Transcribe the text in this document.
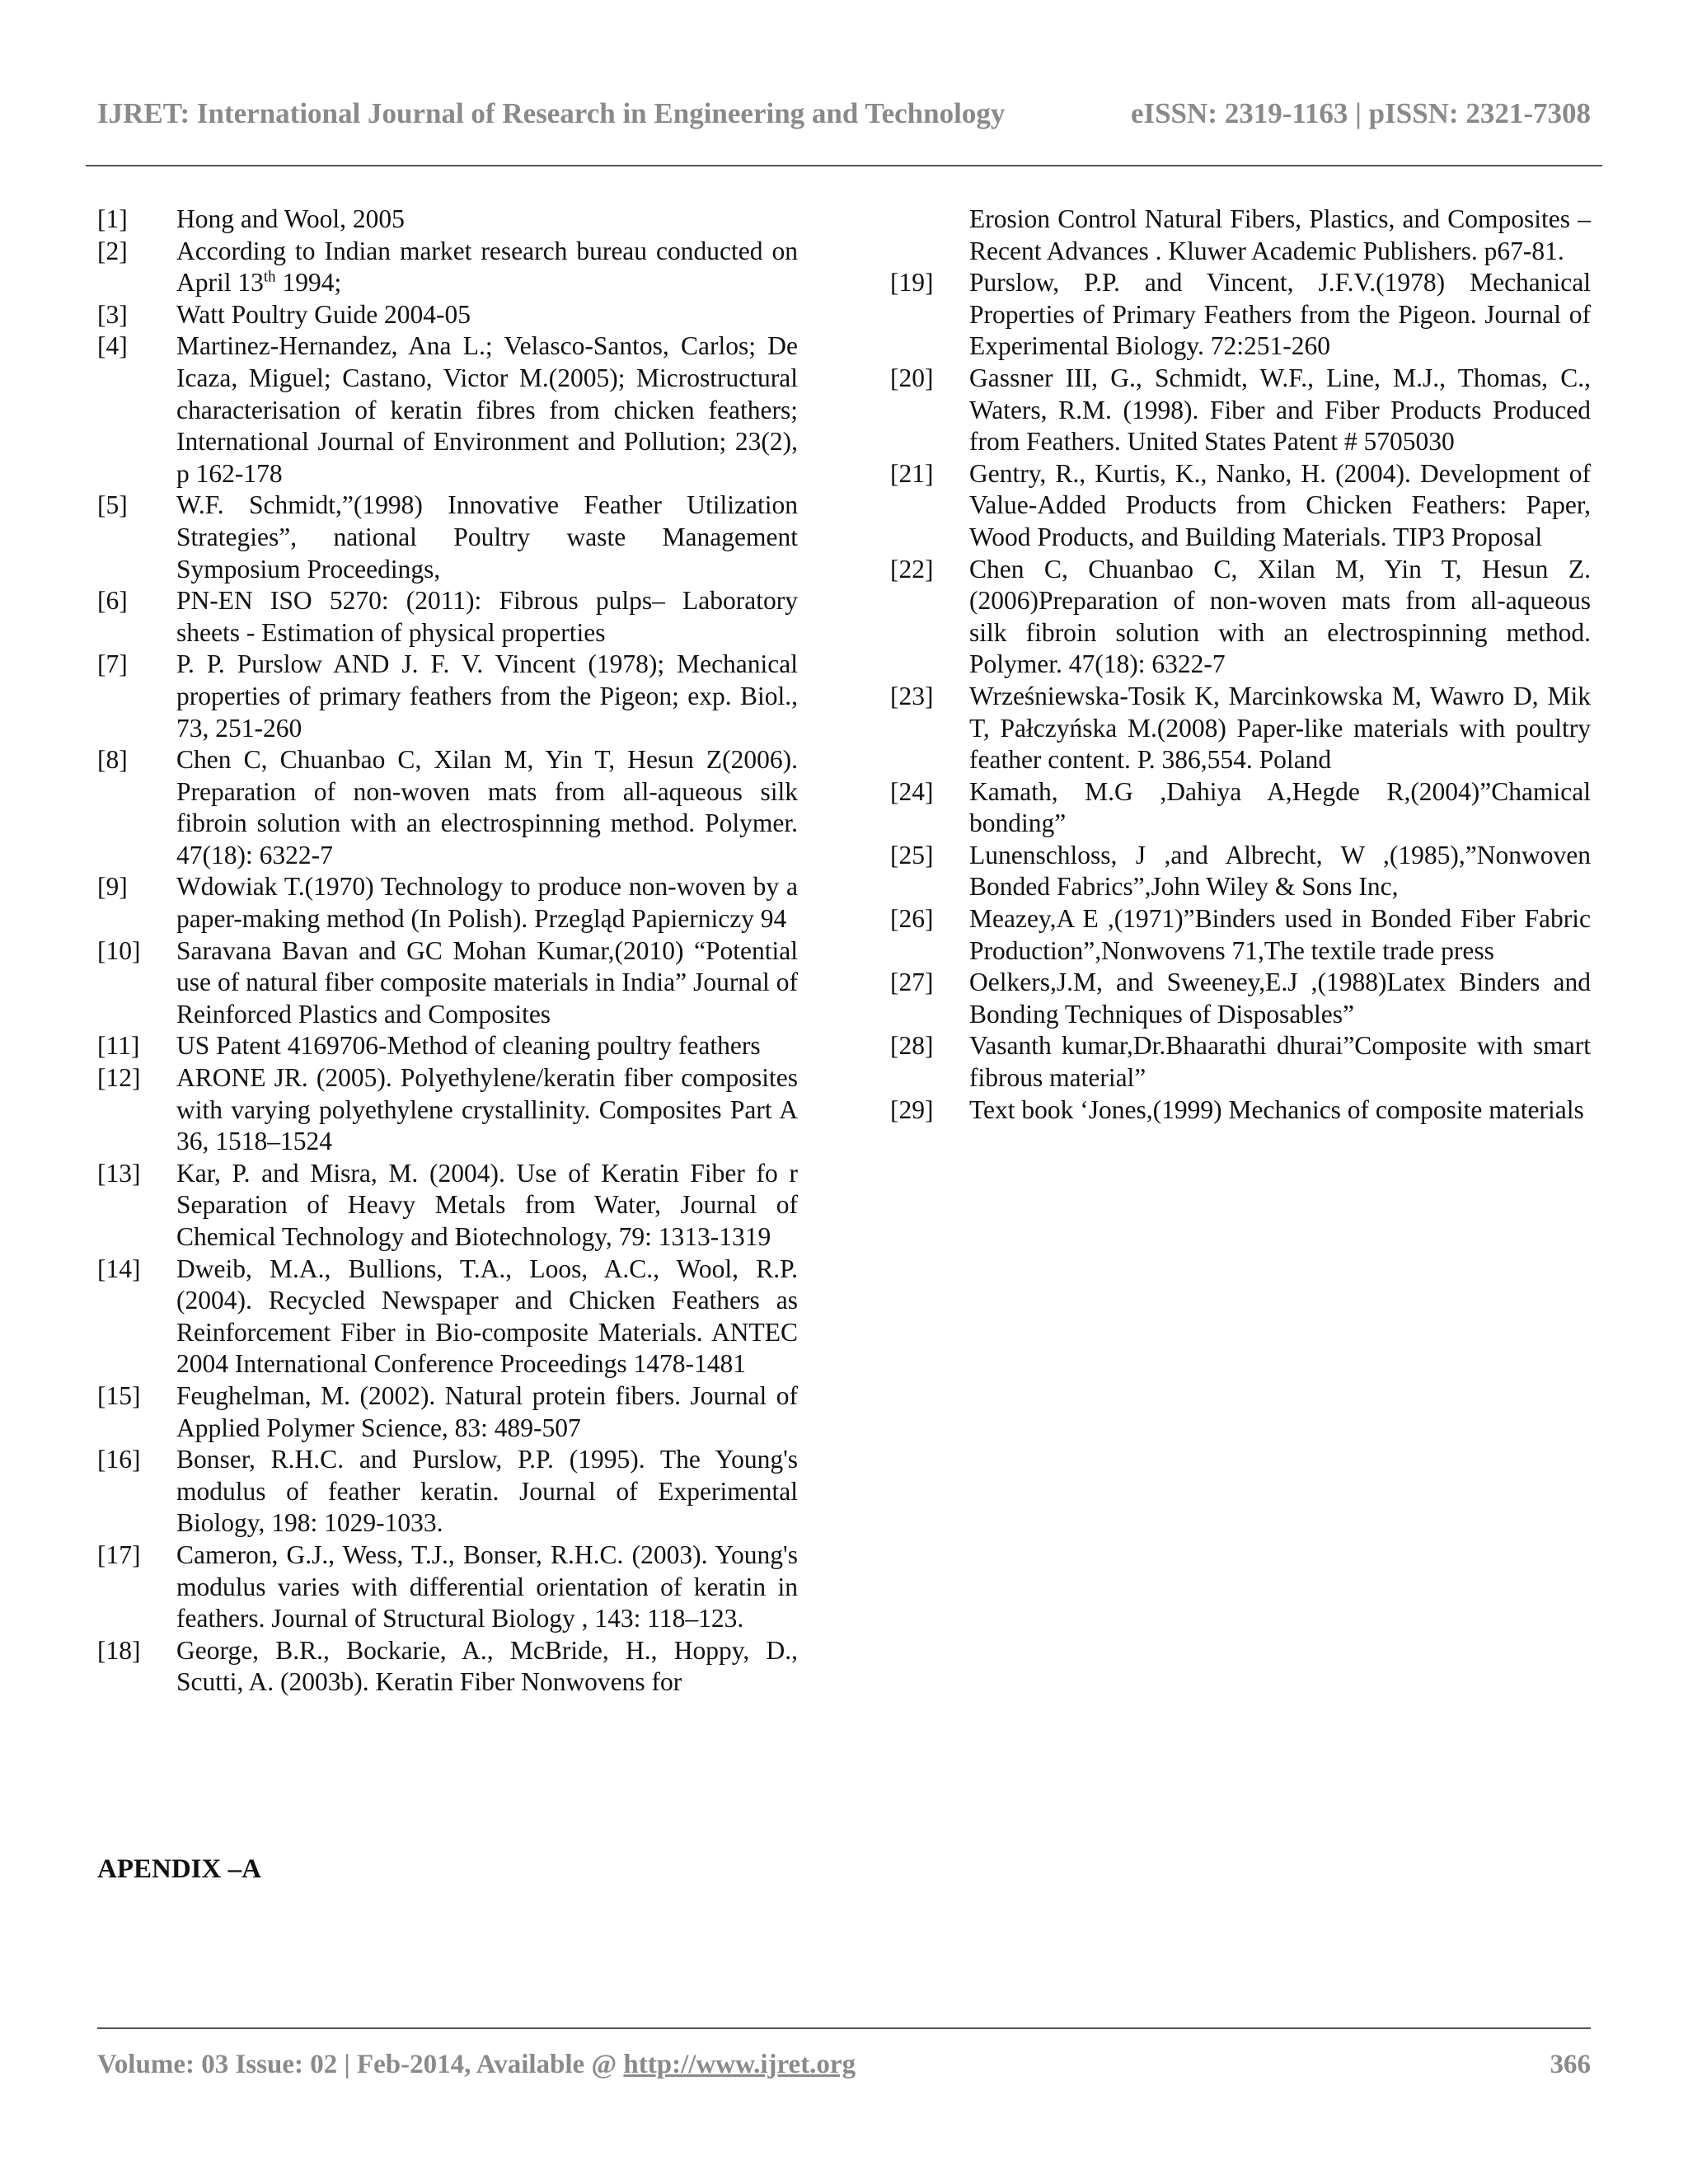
IJRET: International Journal of Research in Engineering and Technology	eISSN: 2319-1163 | pISSN: 2321-7308

[1] Hong and Wool, 2005

[2] According to Indian market research bureau conducted on April 13th 1994;

[3] Watt Poultry Guide 2004-05

[4] Martinez-Hernandez, Ana L.; Velasco-Santos, Carlos; De Icaza, Miguel; Castano, Victor M.(2005); Microstructural characterisation of keratin fibres from chicken feathers; International Journal of Environment and Pollution; 23(2), p 162-178

[5] W.F. Schmidt,”(1998) Innovative Feather Utilization Strategies”, national Poultry waste Management Symposium Proceedings,

[6] PN-EN ISO 5270: (2011): Fibrous pulps– Laboratory sheets - Estimation of physical properties

[7] P. P. Purslow AND J. F. V. Vincent (1978); Mechanical properties of primary feathers from the Pigeon; exp. Biol., 73, 251-260

[8] Chen C, Chuanbao C, Xilan M, Yin T, Hesun Z(2006). Preparation of non-woven mats from all-aqueous silk fibroin solution with an electrospinning method. Polymer. 47(18): 6322-7

[9] Wdowiak T.(1970) Technology to produce non-woven by a paper-making method (In Polish). Przegląd Papierniczy 94

[10] Saravana Bavan and GC Mohan Kumar,(2010) “Potential use of natural fiber composite materials in India” Journal of Reinforced Plastics and Composites

[11] US Patent 4169706-Method of cleaning poultry feathers

[12] ARONE JR. (2005). Polyethylene/keratin fiber composites with varying polyethylene crystallinity. Composites Part A 36, 1518–1524

[13] Kar, P. and Misra, M. (2004). Use of Keratin Fiber fo r Separation of Heavy Metals from Water, Journal of Chemical Technology and Biotechnology, 79: 1313-1319

[14] Dweib, M.A., Bullions, T.A., Loos, A.C., Wool, R.P. (2004). Recycled Newspaper and Chicken Feathers as Reinforcement Fiber in Bio-composite Materials. ANTEC 2004 International Conference Proceedings 1478-1481

[15] Feughelman, M. (2002). Natural protein fibers. Journal of Applied Polymer Science, 83: 489-507

[16] Bonser, R.H.C. and Purslow, P.P. (1995). The Young's modulus of feather keratin. Journal of Experimental Biology, 198: 1029-1033.

[17] Cameron, G.J., Wess, T.J., Bonser, R.H.C. (2003). Young's modulus varies with differential orientation of keratin in feathers. Journal of Structural Biology , 143: 118–123.

[18] George, B.R., Bockarie, A., McBride, H., Hoppy, D., Scutti, A. (2003b). Keratin Fiber Nonwovens for

APENDIX –A

Erosion Control Natural Fibers, Plastics, and Composites – Recent Advances . Kluwer Academic Publishers. p67-81.

[19] Purslow, P.P. and Vincent, J.F.V.(1978) Mechanical Properties of Primary Feathers from the Pigeon. Journal of Experimental Biology. 72:251-260

[20] Gassner III, G., Schmidt, W.F., Line, M.J., Thomas, C., Waters, R.M. (1998). Fiber and Fiber Products Produced from Feathers. United States Patent # 5705030

[21] Gentry, R., Kurtis, K., Nanko, H. (2004). Development of Value-Added Products from Chicken Feathers: Paper, Wood Products, and Building Materials. TIP3 Proposal

[22] Chen C, Chuanbao C, Xilan M, Yin T, Hesun Z. (2006)Preparation of non-woven mats from all-aqueous silk fibroin solution with an electrospinning method. Polymer. 47(18): 6322-7

[23] Wrześniewska-Tosik K, Marcinkowska M, Wawro D, Mik T, Pałczyńska M.(2008) Paper-like materials with poultry feather content. P. 386,554. Poland

[24] Kamath, M.G ,Dahiya A,Hegde R,(2004)”Chamical bonding”

[25] Lunenschloss, J ,and Albrecht, W ,(1985),”Nonwoven Bonded Fabrics”,John Wiley & Sons Inc,

[26] Meazey,A E ,(1971)”Binders used in Bonded Fiber Fabric Production”,Nonwovens 71,The textile trade press

[27] Oelkers,J.M, and Sweeney,E.J ,(1988)Latex Binders and Bonding Techniques of Disposables”

[28] Vasanth kumar,Dr.Bhaarathi dhurai”Composite with smart fibrous material”

[29] Text book ‘Jones,(1999) Mechanics of composite materials

Volume: 03 Issue: 02 | Feb-2014, Available @ http://www.ijret.org	366
